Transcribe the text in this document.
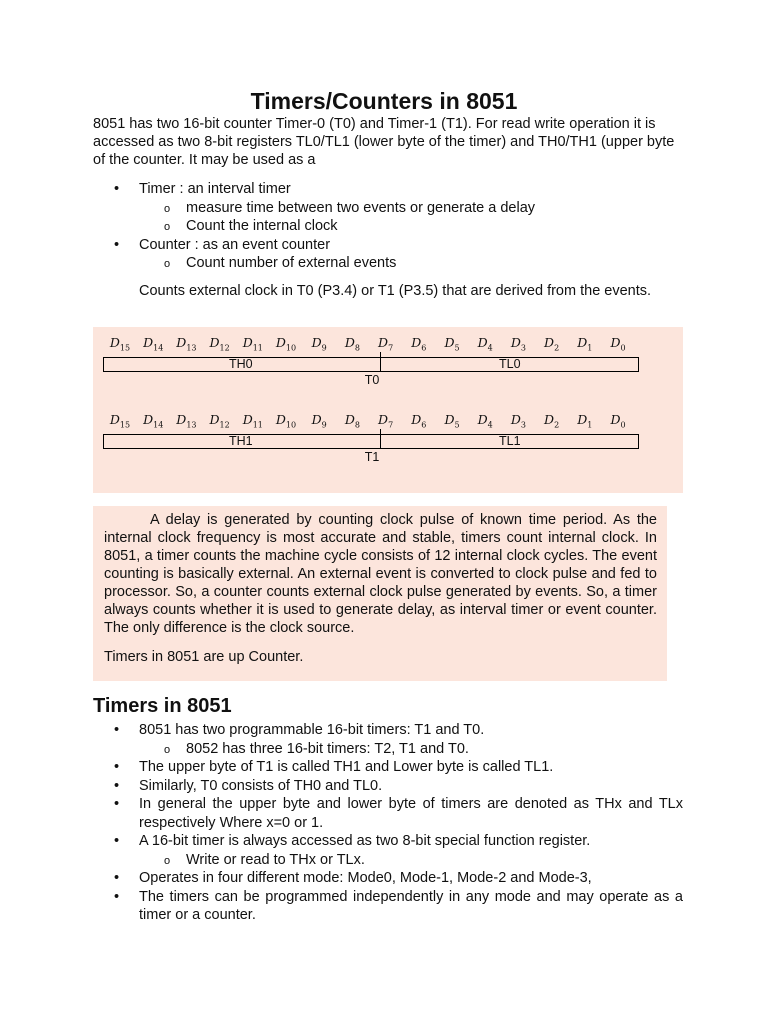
Timers/Counters in 8051

8051 has two 16-bit counter Timer-0 (T0) and Timer-1 (T1). For read write operation it is accessed as two 8-bit registers TL0/TL1 (lower byte of the timer) and TH0/TH1 (upper byte of the counter. It may be used as a

• Timer : an interval timer
o measure time between two events or generate a delay
o Count the internal clock
• Counter : as an event counter
o Count number of external events

Counts external clock in T0 (P3.4) or T1 (P3.5) that are derived from the events.

$D_{15}$	$D_{14}$	$D_{13}$	$D_{12}$	$D_{11}$	$D_{10}$	$D_9$	$D_8$	$D_7$	$D_6$	$D_5$	$D_4$	$D_3$	$D_2$	$D_1$	$D_0$
TH0	TL0
T0
$D_{15}$	$D_{14}$	$D_{13}$	$D_{12}$	$D_{11}$	$D_{10}$	$D_9$	$D_8$	$D_7$	$D_6$	$D_5$	$D_4$	$D_3$	$D_2$	$D_1$	$D_0$
TH1	TL1
T1

A delay is generated by counting clock pulse of known time period. As the internal clock frequency is most accurate and stable, timers count internal clock. In 8051, a timer counts the machine cycle consists of 12 internal clock cycles. The event counting is basically external. An external event is converted to clock pulse and fed to processor. So, a counter counts external clock pulse generated by events. So, a timer always counts whether it is used to generate delay, as interval timer or event counter. The only difference is the clock source.

Timers in 8051 are up Counter.

Timers in 8051
• 8051 has two programmable 16-bit timers: T1 and T0.
o 8052 has three 16-bit timers: T2, T1 and T0.
• The upper byte of T1 is called TH1 and Lower byte is called TL1.
• Similarly, T0 consists of TH0 and TL0.
• In general the upper byte and lower byte of timers are denoted as THx and TLx respectively Where x=0 or 1.
• A 16-bit timer is always accessed as two 8-bit special function register.
o Write or read to THx or TLx.
• Operates in four different mode: Mode0, Mode-1, Mode-2 and Mode-3,
• The timers can be programmed independently in any mode and may operate as a timer or a counter.
